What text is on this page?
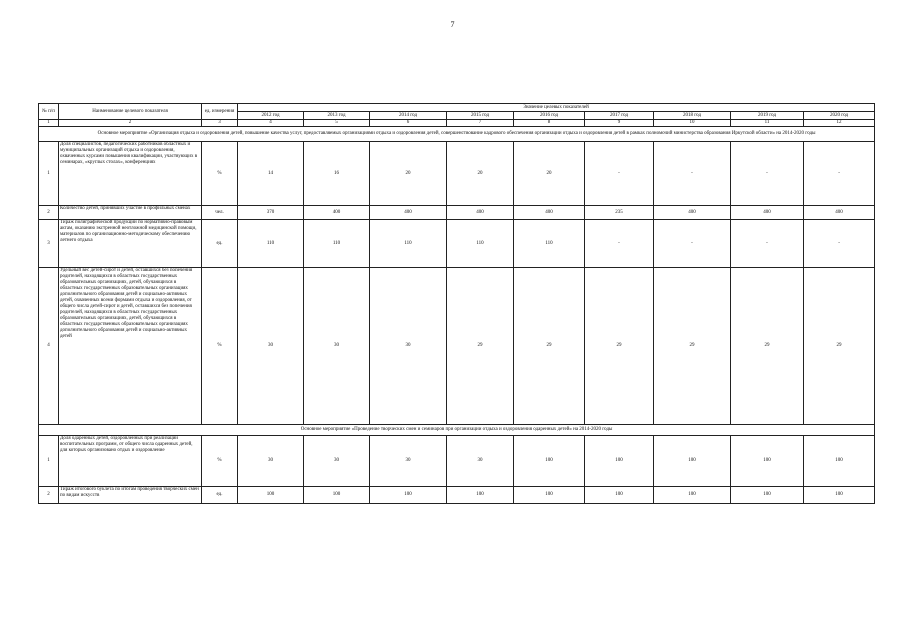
7
№ п/п	Наименование целевого показателя	ед. измерения	Значение целевых показателей								
			2012 год	2013 год	2014 год	2015 год	2016 год	2017 год	2018 год	2019 год	2020 год
1	2	3	4	5	6	7	8	9	10	11	12
Основное мероприятие «Организация отдыха и оздоровления детей, повышение качества услуг, предоставляемых организациями отдыха и оздоровления детей, совершенствование кадрового обеспечения организации отдыха и оздоровления детей в рамках полномочий министерства образования Иркутской области» на 2014-2020 годы											
1	Доля специалистов, педагогических работников областных и муниципальных организаций отдыха и оздоровления, охваченных курсами повышения квалификации, участвующих в семинарах, «круглых столах», конференциях	%	14	16	20	20	20	-	-	-	-
2	Количество детей, принявших участие в профильных сменах	чел.	370	400	400	400	400	235	400	400	400
3	Тираж полиграфической продукции по нормативно-правовым актам, оказанию экстренной неотложной медицинской помощи, материалов по организационно-методическому обеспечению летнего отдыха	ед.	110	110	110	110	110	-	-	-	-
4	Удельный вес детей-сирот и детей, оставшихся без попечения родителей, находящихся в областных государственных образовательных организациях, детей, обучающихся в областных государственных образовательных организациях дополнительного образования детей и социально-активных детей, охваченных всеми формами отдыха и оздоровления, от общего числа детей-сирот и детей, оставшихся без попечения родителей, находящихся в областных государственных образовательных организациях, детей, обучающихся в областных государственных образовательных организациях дополнительного образования детей и социально-активных детей	%	30	30	30	29	29	29	29	29	29
Основное мероприятие «Проведение творческих смен и семинаров при организации отдыха и оздоровления одаренных детей» на 2014-2020 годы											
1	Доля одаренных детей, оздоровленных при реализации воспитательных программ, от общего числа одаренных детей, для которых организовано отдых и оздоровление	%	30	30	30	30	100	100	100	100	100
2	Тираж итогового буклета по итогам проведения творческих смен по видам искусств	ед.	100	100	100	100	100	100	100	100	100
